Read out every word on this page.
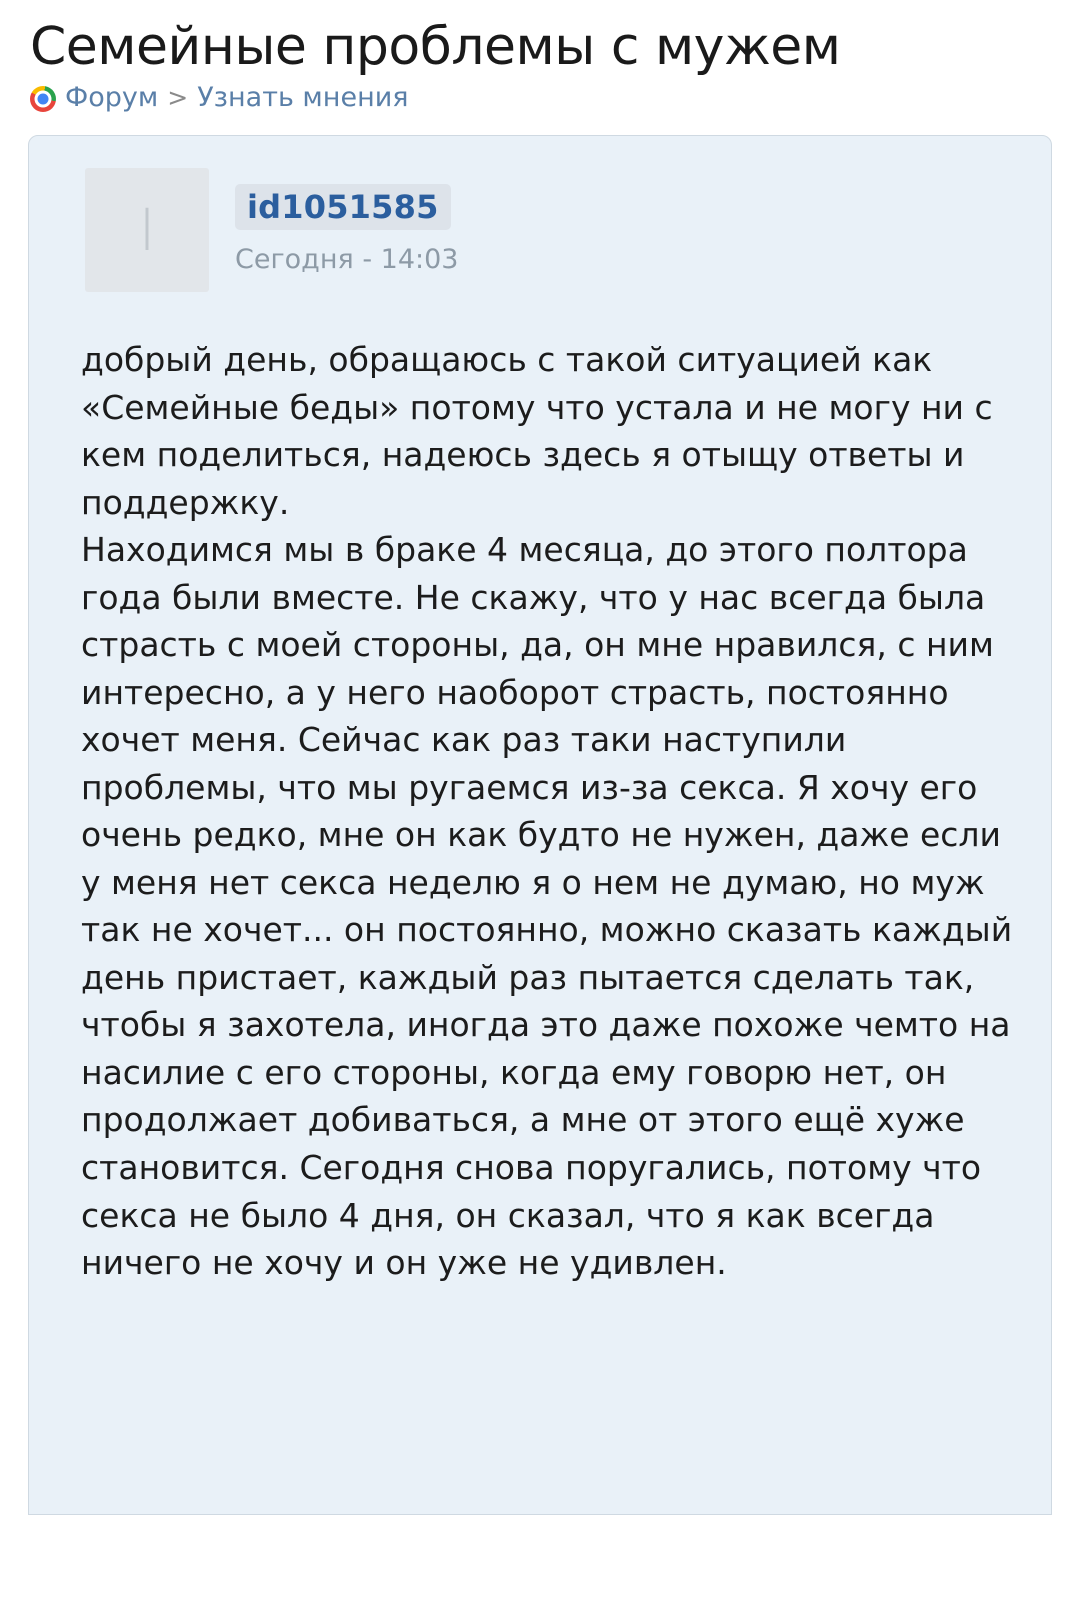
Семейные проблемы с мужем
Форум > Узнать мнения
I	id1051585
Сегодня - 14:03

добрый день, обращаюсь с такой ситуацией как «Семейные беды» потому что устала и не могу ни с кем поделиться, надеюсь здесь я отыщу ответы и поддержку.

Находимся мы в браке 4 месяца, до этого полтора года были вместе. Не скажу, что у нас всегда была страсть с моей стороны, да, он мне нравился, с ним интересно, а у него наоборот страсть, постоянно хочет меня. Сейчас как раз таки наступили проблемы, что мы ругаемся из-за секса. Я хочу его очень редко, мне он как будто не нужен, даже если у меня нет секса неделю я о нем не думаю, но муж так не хочет... он постоянно, можно сказать каждый день пристает, каждый раз пытается сделать так, чтобы я захотела, иногда это даже похоже чемто на насилие с его стороны, когда ему говорю нет, он продолжает добиваться, а мне от этого ещё хуже становится. Сегодня снова поругались, потому что секса не было 4 дня, он сказал, что я как всегда ничего не хочу и он уже не удивлен.
